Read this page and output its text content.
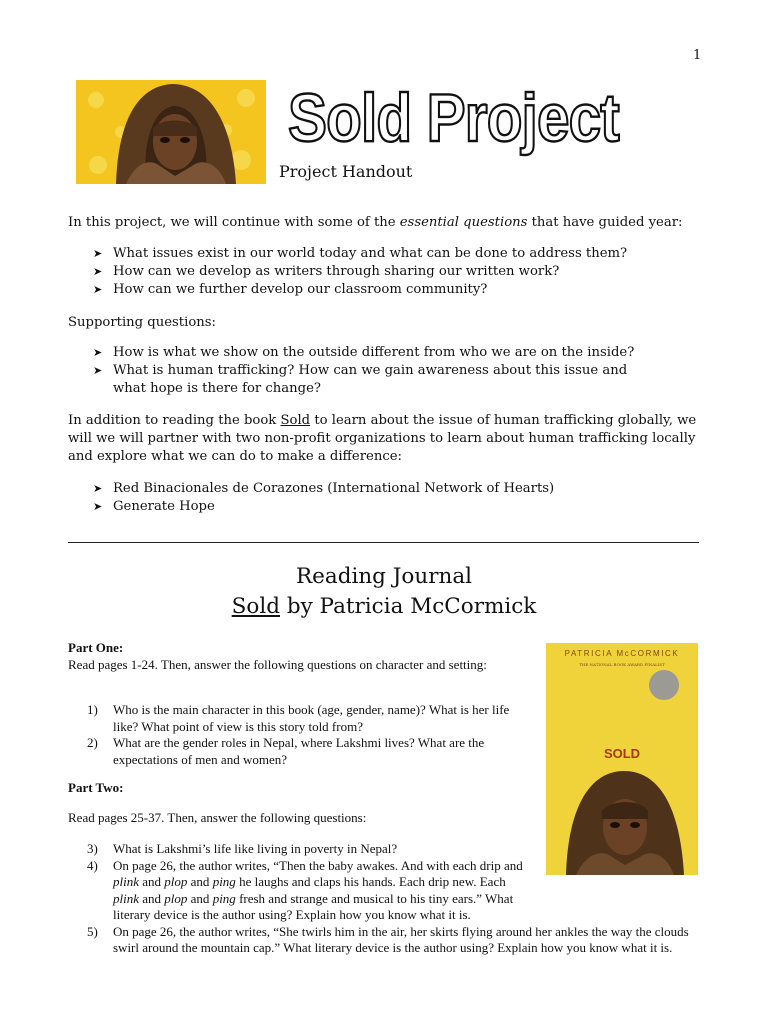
1
Sold Project
Project Handout
In this project, we will continue with some of the essential questions that have guided year:
➤ What issues exist in our world today and what can be done to address them?
➤ How can we develop as writers through sharing our written work?
➤ How can we further develop our classroom community?
Supporting questions:
➤ How is what we show on the outside different from who we are on the inside?
➤ What is human trafficking? How can we gain awareness about this issue and what hope is there for change?
In addition to reading the book Sold to learn about the issue of human trafficking globally, we will we will partner with two non-profit organizations to learn about human trafficking locally and explore what we can do to make a difference:
➤ Red Binacionales de Corazones (International Network of Hearts)
➤ Generate Hope
Reading Journal
Sold by Patricia McCormick
Part One:
Read pages 1-24. Then, answer the following questions on character and setting:
1)	Who is the main character in this book (age, gender, name)? What is her life like? What point of view is this story told from?
2)	What are the gender roles in Nepal, where Lakshmi lives? What are the expectations of men and women?
Part Two:
Read pages 25-37. Then, answer the following questions:
3)	What is Lakshmi’s life like living in poverty in Nepal?
4)	On page 26, the author writes, “Then the baby awakes. And with each drip and plink and plop and ping he laughs and claps his hands. Each drip new. Each plink and plop and ping fresh and strange and musical to his tiny ears.” What literary device is the author using? Explain how you know what it is.
5)	On page 26, the author writes, “She twirls him in the air, her skirts flying around her ankles the way the clouds swirl around the mountain cap.” What literary device is the author using? Explain how you know what it is.
PATRICIA McCORMICK
THE NATIONAL BOOK AWARD FINALIST
SOLD
